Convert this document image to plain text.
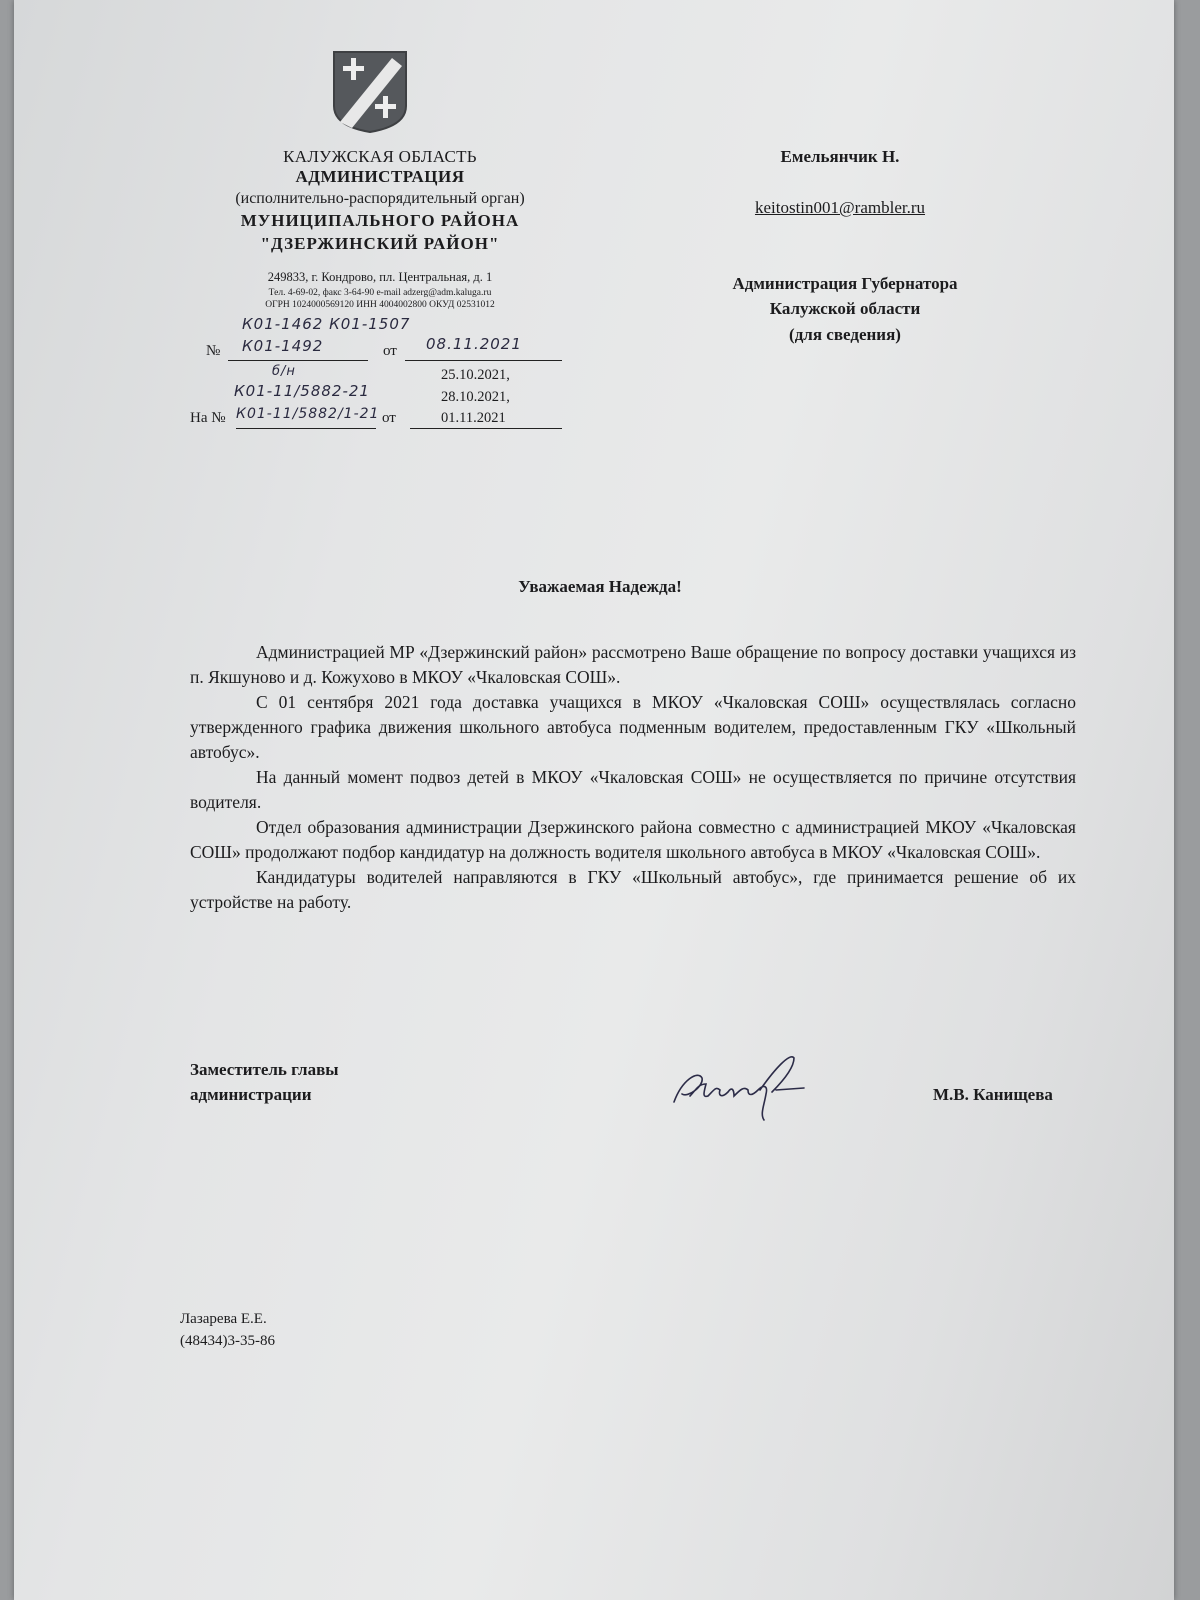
КАЛУЖСКАЯ ОБЛАСТЬ
АДМИНИСТРАЦИЯ
(исполнительно-распорядительный орган)
МУНИЦИПАЛЬНОГО РАЙОНА
"ДЗЕРЖИНСКИЙ РАЙОН"
249833, г. Кондрово, пл. Центральная, д. 1
Тел. 4-69-02, факс 3-64-90 e-mail adzerg@adm.kaluga.ru
ОГРН 1024000569120 ИНН 4004002800 ОКУД 02531012
К01-1462 К01-1507
№ К01-1492	от 08.11.2021
б/н
К01-11/5882-21
25.10.2021,
28.10.2021,
На № К01-11/5882/1-21 от	01.11.2021
Емельянчик Н.
keitostin001@rambler.ru
Администрация Губернатора
Калужской области
(для сведения)
Уважаемая Надежда!

Администрацией МР «Дзержинский район» рассмотрено Ваше обращение по вопросу доставки учащихся из п. Якшуново и д. Кожухово в МКОУ «Чкаловская СОШ».

С 01 сентября 2021 года доставка учащихся в МКОУ «Чкаловская СОШ» осуществлялась согласно утвержденного графика движения школьного автобуса подменным водителем, предоставленным ГКУ «Школьный автобус».

На данный момент подвоз детей в МКОУ «Чкаловская СОШ» не осуществляется по причине отсутствия водителя.

Отдел образования администрации Дзержинского района совместно с администрацией МКОУ «Чкаловская СОШ» продолжают подбор кандидатур на должность водителя школьного автобуса в МКОУ «Чкаловская СОШ».

Кандидатуры водителей направляются в ГКУ «Школьный автобус», где принимается решение об их устройстве на работу.

Заместитель главы
администрации	М.В. Канищева
Лазарева Е.Е.
(48434)3-35-86
